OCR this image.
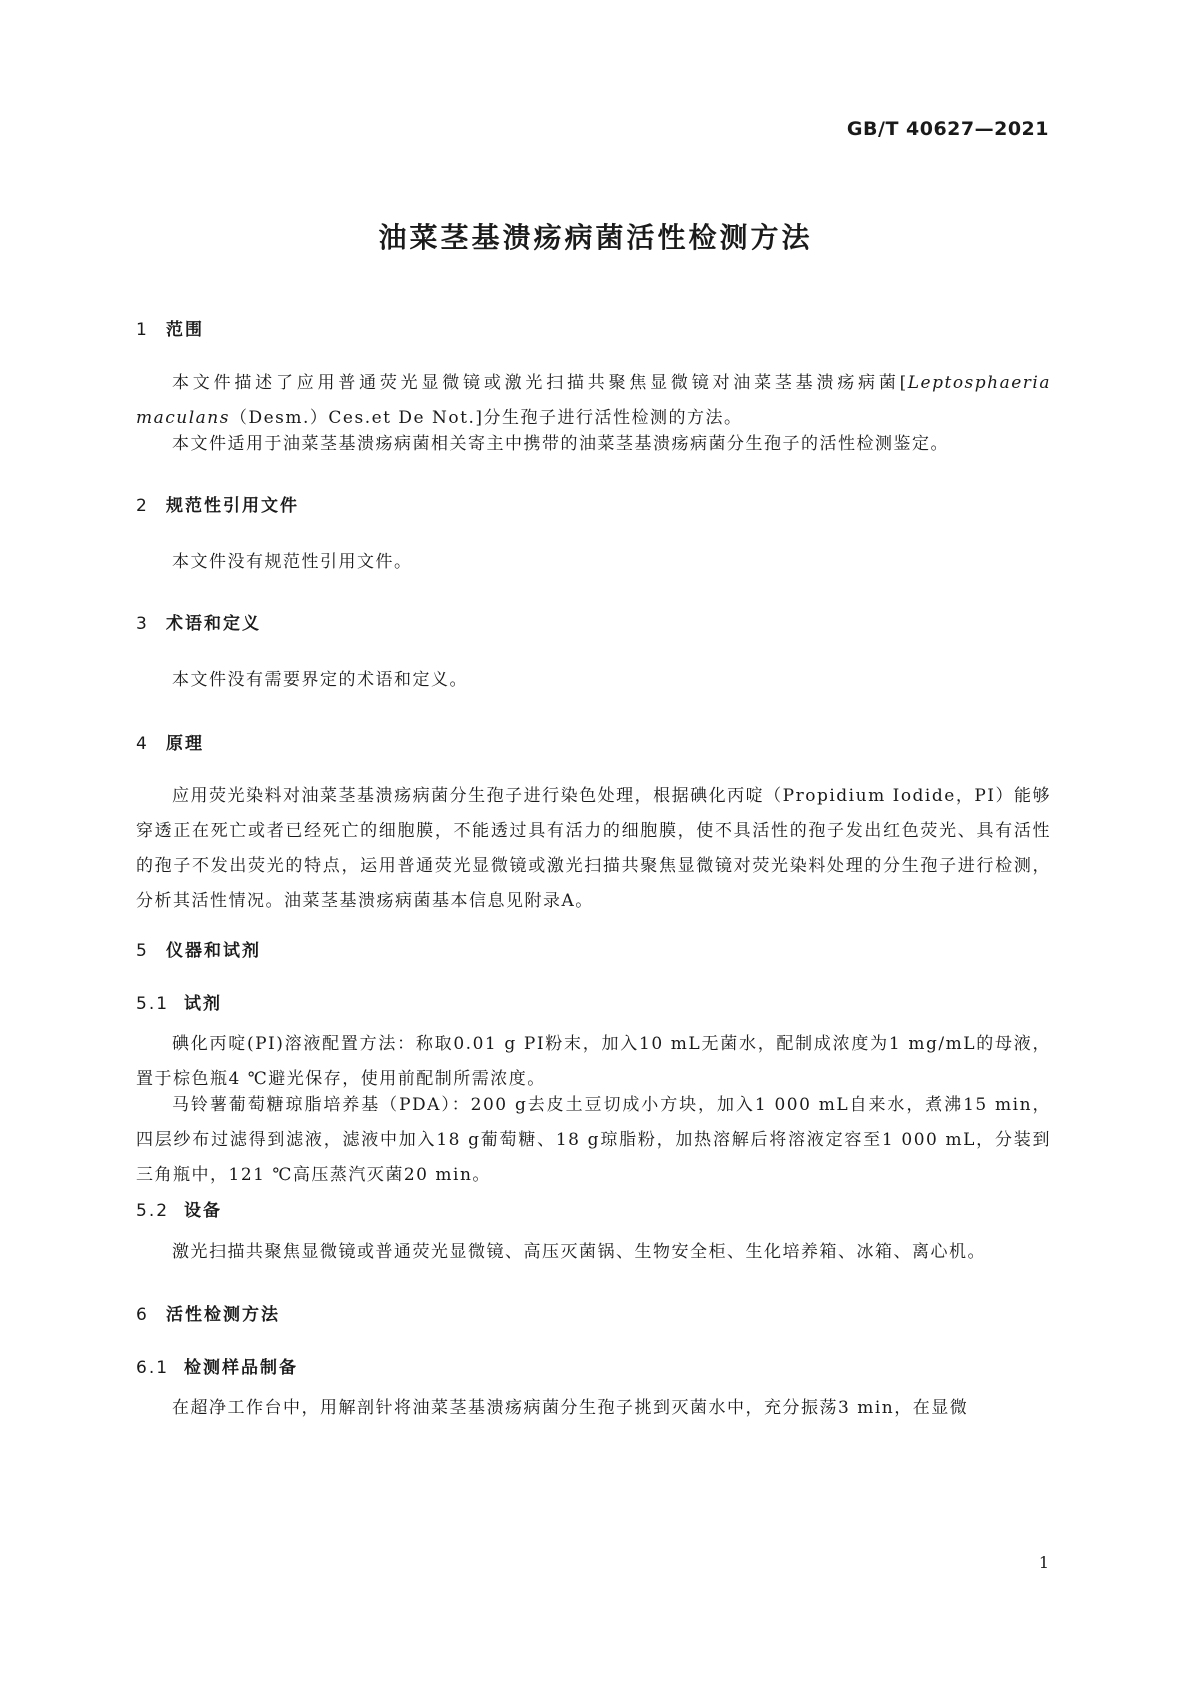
GB/T 40627—2021
油菜茎基溃疡病菌活性检测方法
1 范围

本文件描述了应用普通荧光显微镜或激光扫描共聚焦显微镜对油菜茎基溃疡病菌[Leptosphaeria maculans（Desm.）Ces.et De Not.]分生孢子进行活性检测的方法。

本文件适用于油菜茎基溃疡病菌相关寄主中携带的油菜茎基溃疡病菌分生孢子的活性检测鉴定。

2 规范性引用文件

本文件没有规范性引用文件。

3 术语和定义

本文件没有需要界定的术语和定义。

4 原理

应用荧光染料对油菜茎基溃疡病菌分生孢子进行染色处理，根据碘化丙啶（Propidium Iodide，PI）能够穿透正在死亡或者已经死亡的细胞膜，不能透过具有活力的细胞膜，使不具活性的孢子发出红色荧光、具有活性的孢子不发出荧光的特点，运用普通荧光显微镜或激光扫描共聚焦显微镜对荧光染料处理的分生孢子进行检测，分析其活性情况。油菜茎基溃疡病菌基本信息见附录A。

5 仪器和试剂
5.1 试剂

碘化丙啶(PI)溶液配置方法：称取0.01 g PI粉末，加入10 mL无菌水，配制成浓度为1 mg/mL的母液，置于棕色瓶4 ℃避光保存，使用前配制所需浓度。

马铃薯葡萄糖琼脂培养基（PDA）：200 g去皮土豆切成小方块，加入1 000 mL自来水，煮沸15 min，四层纱布过滤得到滤液，滤液中加入18 g葡萄糖、18 g琼脂粉，加热溶解后将溶液定容至1 000 mL，分装到三角瓶中，121 ℃高压蒸汽灭菌20 min。

5.2 设备

激光扫描共聚焦显微镜或普通荧光显微镜、高压灭菌锅、生物安全柜、生化培养箱、冰箱、离心机。

6 活性检测方法
6.1 检测样品制备

在超净工作台中，用解剖针将油菜茎基溃疡病菌分生孢子挑到灭菌水中，充分振荡3 min，在显微

1
